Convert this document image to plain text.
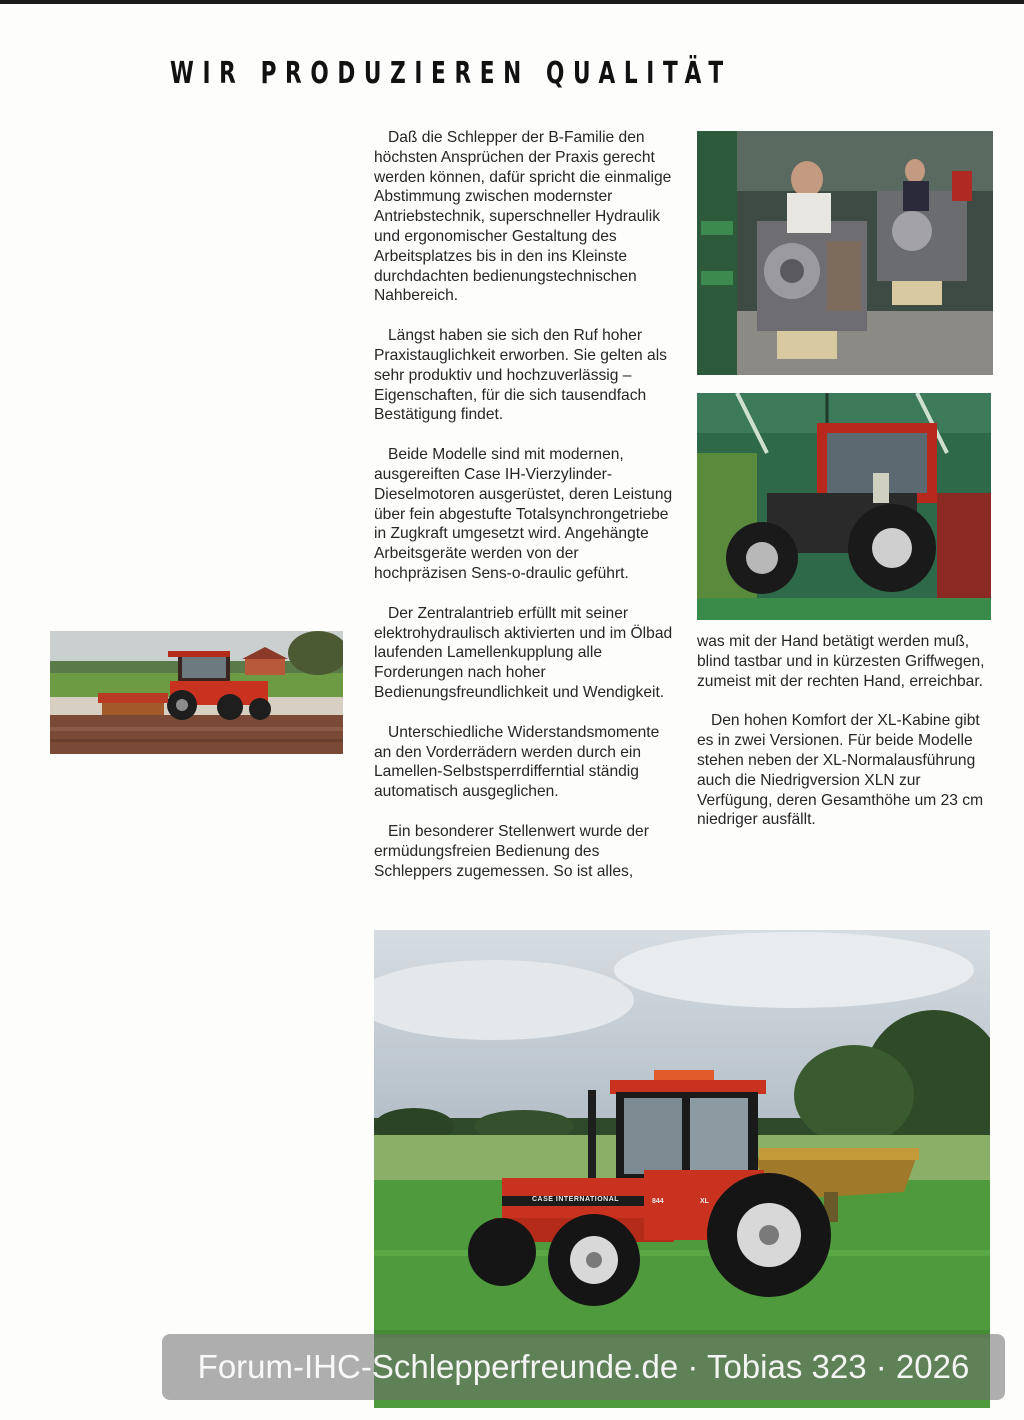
WIR PRODUZIEREN QUALITÄT

Daß die Schlepper der B-Familie den höchsten Ansprüchen der Praxis gerecht werden können, dafür spricht die einmalige Abstimmung zwischen modernster Antriebstechnik, superschneller Hydraulik und ergonomischer Gestaltung des Arbeitsplatzes bis in den ins Kleinste durchdachten bedienungstechnischen Nahbereich.

Längst haben sie sich den Ruf hoher Praxistauglichkeit erworben. Sie gelten als sehr produktiv und hochzuverlässig – Eigenschaften, für die sich tausendfach Bestätigung findet.

Beide Modelle sind mit modernen, ausgereiften Case IH-Vierzylinder-Dieselmotoren ausgerüstet, deren Leistung über fein abgestufte Totalsynchrongetriebe in Zugkraft umgesetzt wird. Angehängte Arbeitsgeräte werden von der hochpräzisen Sens-o-draulic geführt.

Der Zentralantrieb erfüllt mit seiner elektrohydraulisch aktivierten und im Ölbad laufenden Lamellenkupplung alle Forderungen nach hoher Bedienungsfreundlichkeit und Wendigkeit.

Unterschiedliche Widerstandsmomente an den Vorderrädern werden durch ein Lamellen-Selbstsperrdifferntial ständig automatisch ausgeglichen.

Ein besonderer Stellenwert wurde der ermüdungsfreien Bedienung des Schleppers zugemessen. So ist alles,

was mit der Hand betätigt werden muß, blind tastbar und in kürzesten Griffwegen, zumeist mit der rechten Hand, erreichbar.

Den hohen Komfort der XL-Kabine gibt es in zwei Versionen. Für beide Modelle stehen neben der XL-Normalausführung auch die Niedrigversion XLN zur Verfügung, deren Gesamthöhe um 23 cm niedriger ausfällt.

CASE INTERNATIONAL	844	XL
Forum-IHC-Schlepperfreunde.de · Tobias 323 · 2026
